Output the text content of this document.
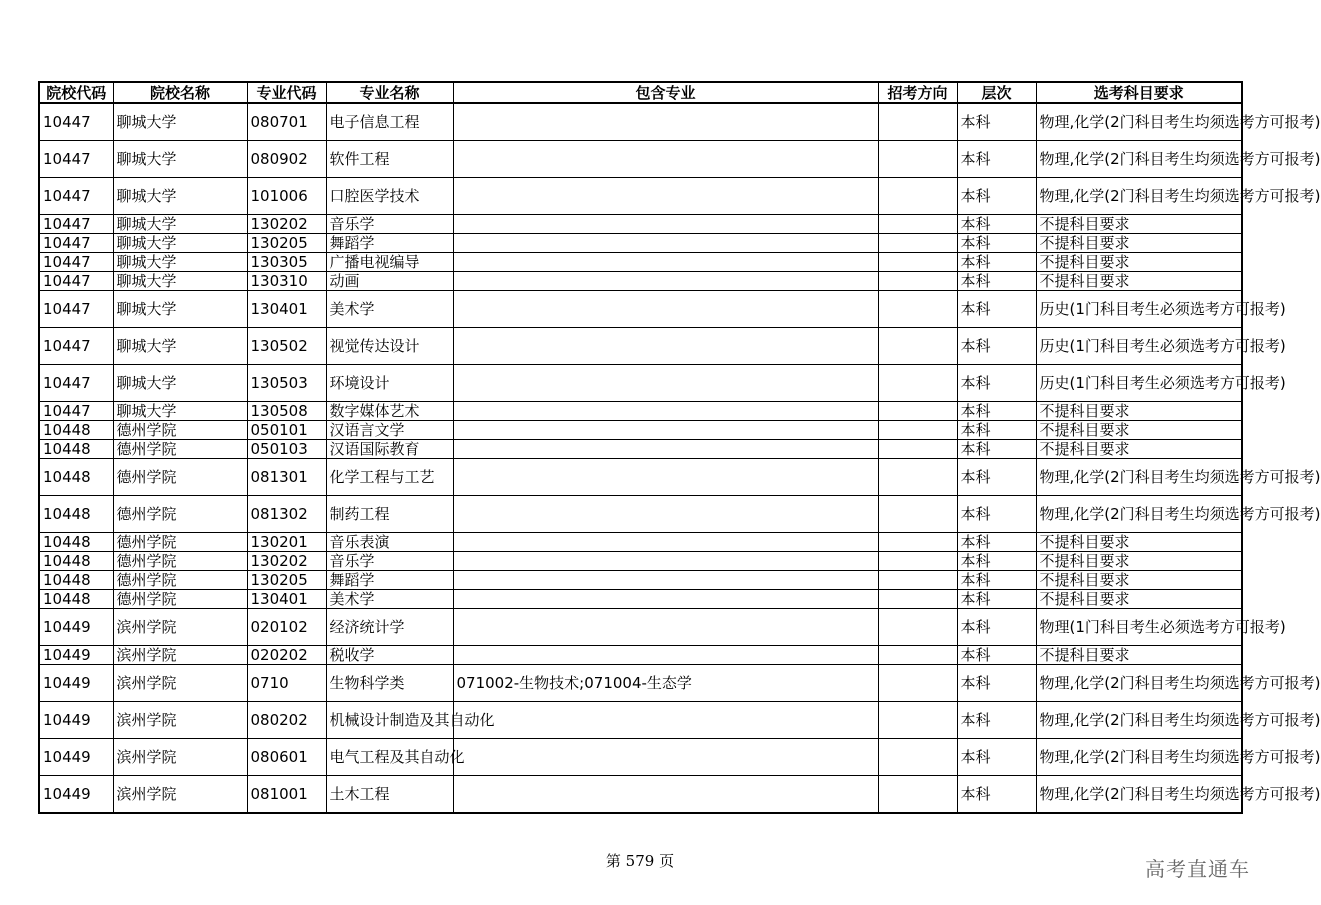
院校代码	院校名称	专业代码	专业名称	包含专业	招考方向	层次	选考科目要求
10447	聊城大学	080701	电子信息工程			本科	物理,化学(2门科目考生均须选考方可报考)
10447	聊城大学	080902	软件工程			本科	物理,化学(2门科目考生均须选考方可报考)
10447	聊城大学	101006	口腔医学技术			本科	物理,化学(2门科目考生均须选考方可报考)
10447	聊城大学	130202	音乐学			本科	不提科目要求
10447	聊城大学	130205	舞蹈学			本科	不提科目要求
10447	聊城大学	130305	广播电视编导			本科	不提科目要求
10447	聊城大学	130310	动画			本科	不提科目要求
10447	聊城大学	130401	美术学			本科	历史(1门科目考生必须选考方可报考)
10447	聊城大学	130502	视觉传达设计			本科	历史(1门科目考生必须选考方可报考)
10447	聊城大学	130503	环境设计			本科	历史(1门科目考生必须选考方可报考)
10447	聊城大学	130508	数字媒体艺术			本科	不提科目要求
10448	德州学院	050101	汉语言文学			本科	不提科目要求
10448	德州学院	050103	汉语国际教育			本科	不提科目要求
10448	德州学院	081301	化学工程与工艺			本科	物理,化学(2门科目考生均须选考方可报考)
10448	德州学院	081302	制药工程			本科	物理,化学(2门科目考生均须选考方可报考)
10448	德州学院	130201	音乐表演			本科	不提科目要求
10448	德州学院	130202	音乐学			本科	不提科目要求
10448	德州学院	130205	舞蹈学			本科	不提科目要求
10448	德州学院	130401	美术学			本科	不提科目要求
10449	滨州学院	020102	经济统计学			本科	物理(1门科目考生必须选考方可报考)
10449	滨州学院	020202	税收学			本科	不提科目要求
10449	滨州学院	0710	生物科学类	071002-生物技术;071004-生态学		本科	物理,化学(2门科目考生均须选考方可报考)
10449	滨州学院	080202	机械设计制造及其自动化			本科	物理,化学(2门科目考生均须选考方可报考)
10449	滨州学院	080601	电气工程及其自动化			本科	物理,化学(2门科目考生均须选考方可报考)
10449	滨州学院	081001	土木工程			本科	物理,化学(2门科目考生均须选考方可报考)
第 579 页	高考直通车
